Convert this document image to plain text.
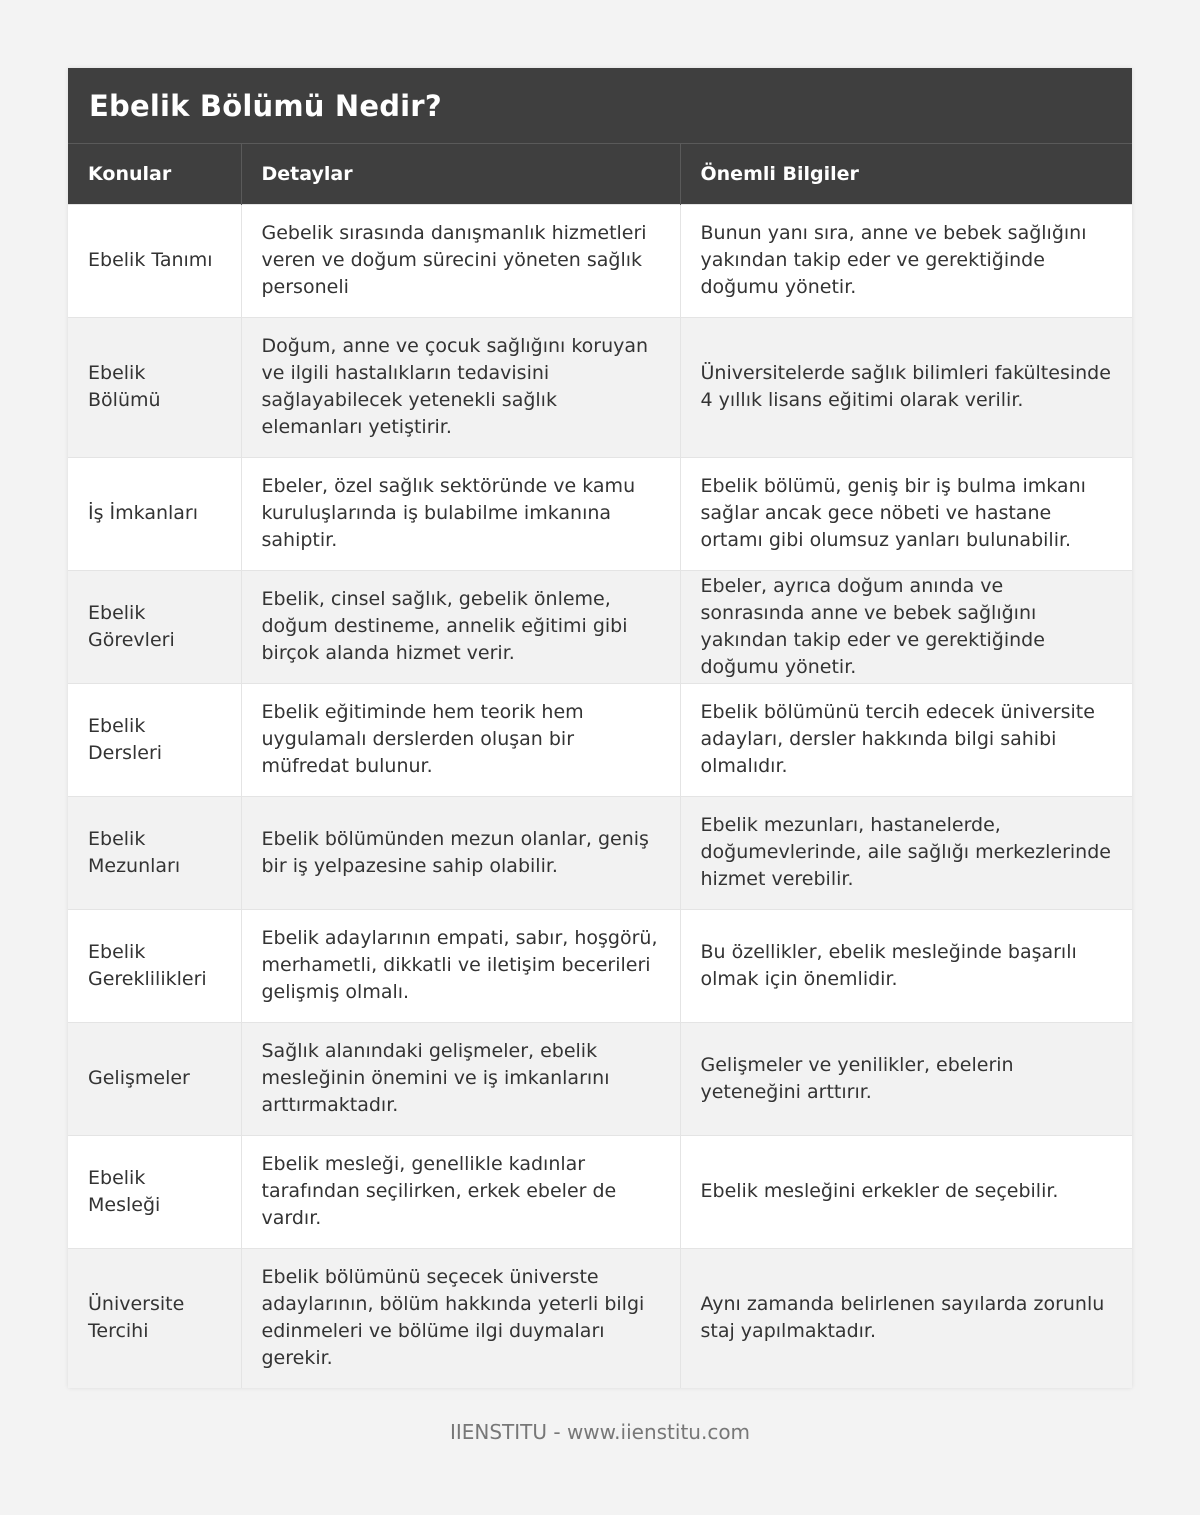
Ebelik Bölümü Nedir?
Konular	Detaylar	Önemli Bilgiler
Ebelik Tanımı	Gebelik sırasında danışmanlık hizmetleri veren ve doğum sürecini yöneten sağlık personeli	Bunun yanı sıra, anne ve bebek sağlığını yakından takip eder ve gerektiğinde doğumu yönetir.
Ebelik Bölümü	Doğum, anne ve çocuk sağlığını koruyan ve ilgili hastalıkların tedavisini sağlayabilecek yetenekli sağlık elemanları yetiştirir.	Üniversitelerde sağlık bilimleri fakültesinde 4 yıllık lisans eğitimi olarak verilir.
İş İmkanları	Ebeler, özel sağlık sektöründe ve kamu kuruluşlarında iş bulabilme imkanına sahiptir.	Ebelik bölümü, geniş bir iş bulma imkanı sağlar ancak gece nöbeti ve hastane ortamı gibi olumsuz yanları bulunabilir.
Ebelik Görevleri	Ebelik, cinsel sağlık, gebelik önleme, doğum destineme, annelik eğitimi gibi birçok alanda hizmet verir.	Ebeler, ayrıca doğum anında ve sonrasında anne ve bebek sağlığını yakından takip eder ve gerektiğinde doğumu yönetir.
Ebelik Dersleri	Ebelik eğitiminde hem teorik hem uygulamalı derslerden oluşan bir müfredat bulunur.	Ebelik bölümünü tercih edecek üniversite adayları, dersler hakkında bilgi sahibi olmalıdır.
Ebelik Mezunları	Ebelik bölümünden mezun olanlar, geniş bir iş yelpazesine sahip olabilir.	Ebelik mezunları, hastanelerde, doğumevlerinde, aile sağlığı merkezlerinde hizmet verebilir.
Ebelik Gereklilikleri	Ebelik adaylarının empati, sabır, hoşgörü, merhametli, dikkatli ve iletişim becerileri gelişmiş olmalı.	Bu özellikler, ebelik mesleğinde başarılı olmak için önemlidir.
Gelişmeler	Sağlık alanındaki gelişmeler, ebelik mesleğinin önemini ve iş imkanlarını arttırmaktadır.	Gelişmeler ve yenilikler, ebelerin yeteneğini arttırır.
Ebelik Mesleği	Ebelik mesleği, genellikle kadınlar tarafından seçilirken, erkek ebeler de vardır.	Ebelik mesleğini erkekler de seçebilir.
Üniversite Tercihi	Ebelik bölümünü seçecek üniverste adaylarının, bölüm hakkında yeterli bilgi edinmeleri ve bölüme ilgi duymaları gerekir.	Aynı zamanda belirlenen sayılarda zorunlu staj yapılmaktadır.
IIENSTITU - www.iienstitu.com
